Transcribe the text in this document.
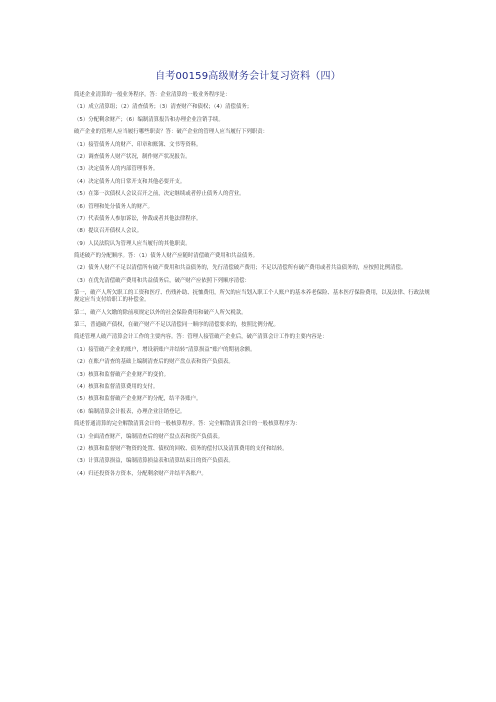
自考00159高级财务会计复习资料（四）

简述企业清算的一般业务程序。答：企业清算的一般业务程序是：

（1）成立清算组；（2）清查债务；（3）清查财产和债权；（4）清偿债务；

（5）分配剩余财产；（6）编制清算报告和办理企业注销手续。

破产企业的管理人应当履行哪些职责？答：破产企业的管理人应当履行下列职责：

（1）接管债务人的财产、印章和账簿、文书等资料。

（2）调查债务人财产状况，制作财产状况报告。

（3）决定债务人的内部管理事务。

（4）决定债务人的日常开支和其他必要开支。

（5）在第一次债权人会议召开之前，决定继续或者停止债务人的营业。

（6）管理和处分债务人的财产。

（7）代表债务人参加诉讼，仲裁或者其他法律程序。

（8）提议召开债权人会议。

（9）人民法院认为管理人应当履行的其他职责。

简述破产的分配顺序。答：（1）债务人财产应随时清偿破产费用和共益债务。

（2）债务人财产不足以清偿所有破产费用和共益债务的，先行清偿破产费用；不足以清偿所有破产费用或者共益债务的，应按照比例清偿。

（3）在优先清偿破产费用和共益债务后，破产财产应依照下列顺序清偿：

第一，破产人所欠职工的工资和医疗、伤残补助、抚恤费用，所欠的应当划入职工个人账户的基本养老保险、基本医疗保险费用，以及法律、行政法规规定应当支付给职工的补偿金。

第二，破产人欠缴的除前项规定以外的社会保险费用和破产人所欠税款。

第三，普通破产债权，在破产财产不足以清偿同一顺序的清偿要求的，按照比例分配。

简述管理人破产清算会计工作的主要内容。答：管理人接管破产企业后，破产清算会计工作的主要内容是：

（1）接管破产企业的账户，增设新账户并结转“清算损益”账户的期初余额。

（2）在账户清查的基础上编制清查后的财产盘点表和资产负债表。

（3）核算和监督破产企业财产的变价。

（4）核算和监督清算费用的支付。

（5）核算和监督破产企业财产的分配，结平各账户。

（6）编制清算会计报表，办理企业注销登记。

简述普通清算的完全解散清算会计的一般核算程序。答：完全解散清算会计的一般核算程序为：

（1）全面清查财产，编制清查后的财产盘点表和资产负债表。

（2）核算和监督财产物资的处置、债权的回收、债务的偿付以及清算费用的支付和结转。

（3）计算清算损益，编制清算损益表和清算结束日的资产负债表。

（4）归还投资各方资本，分配剩余财产并结平各账户。
